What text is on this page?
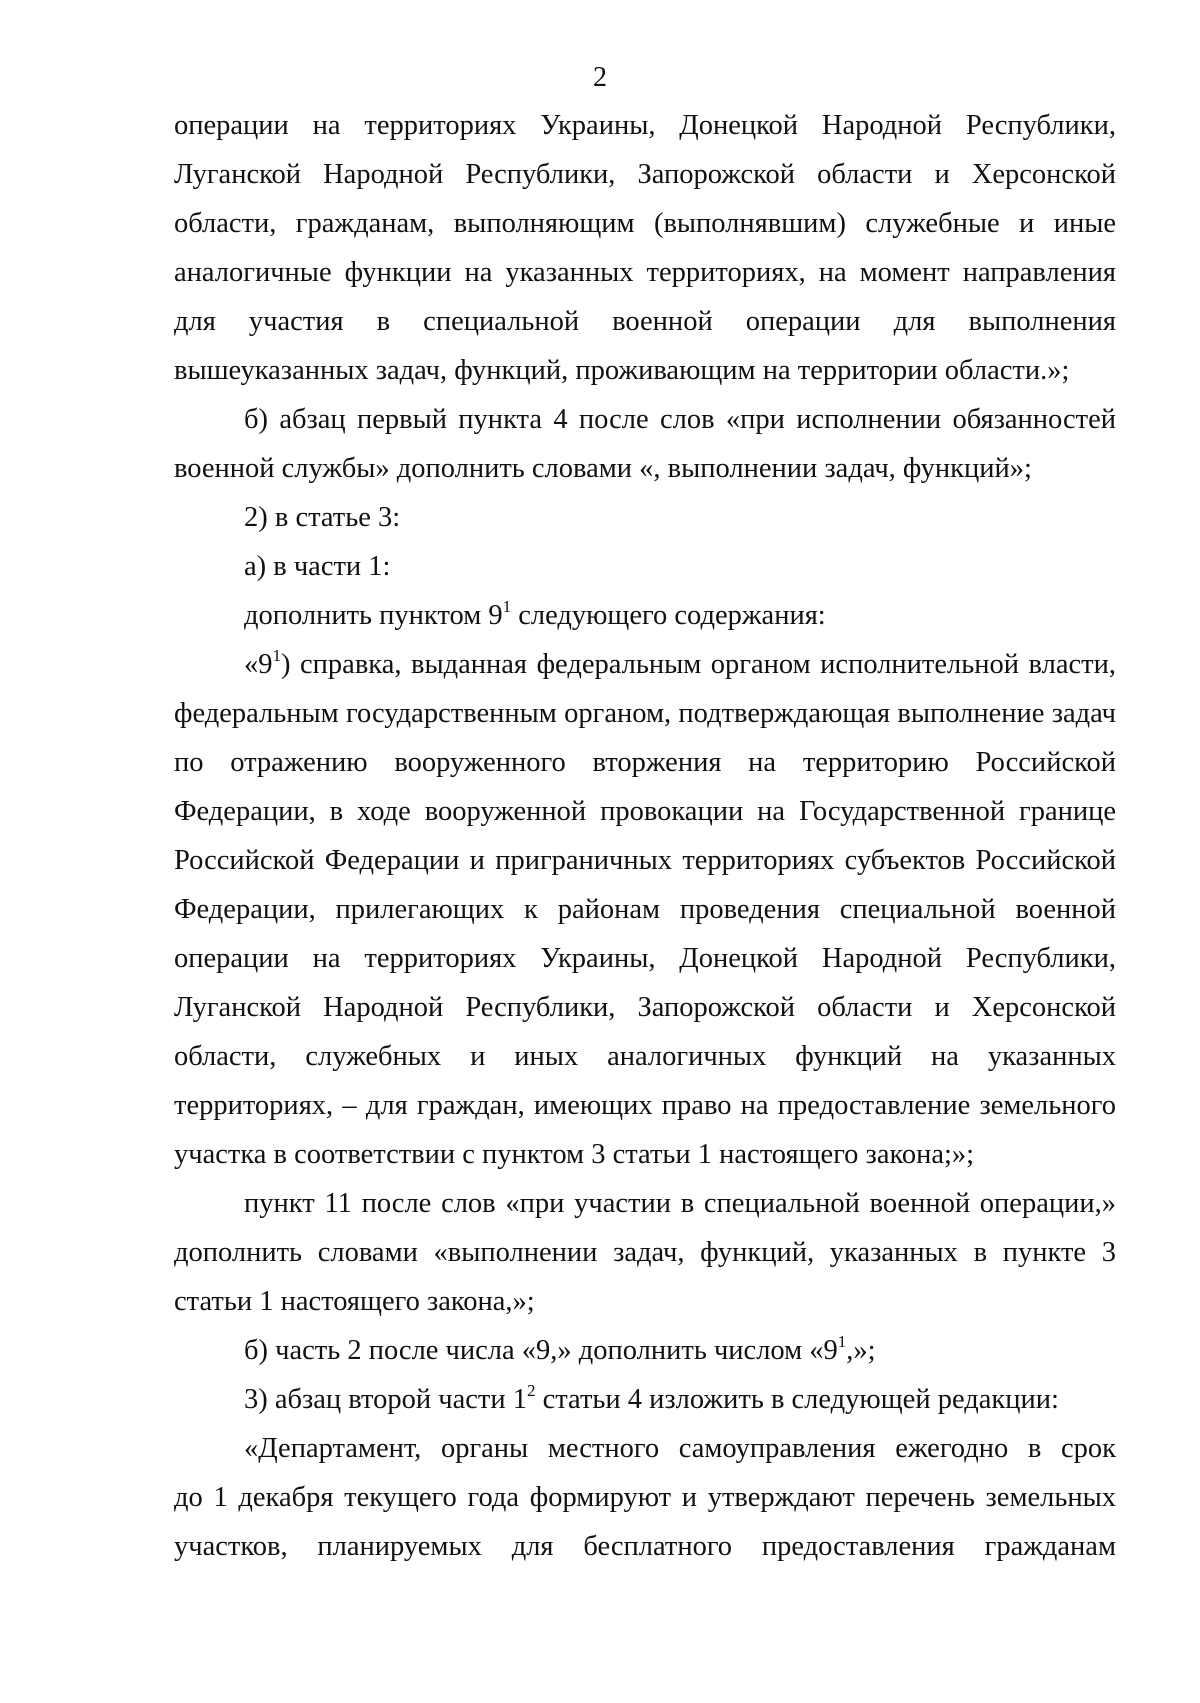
2
операции на территориях Украины, Донецкой Народной Республики,
Луганской Народной Республики, Запорожской области и Херсонской
области, гражданам, выполняющим (выполнявшим) служебные и иные
аналогичные функции на указанных территориях, на момент направления
для участия в специальной военной операции для выполнения
вышеуказанных задач, функций, проживающим на территории области.»;
б) абзац первый пункта 4 после слов «при исполнении обязанностей
военной службы» дополнить словами «, выполнении задач, функций»;
2) в статье 3:
а) в части 1:
дополнить пунктом $9^1$ следующего содержания:
«$9^1$) справка, выданная федеральным органом исполнительной власти,
федеральным государственным органом, подтверждающая выполнение задач
по отражению вооруженного вторжения на территорию Российской
Федерации, в ходе вооруженной провокации на Государственной границе
Российской Федерации и приграничных территориях субъектов Российской
Федерации, прилегающих к районам проведения специальной военной
операции на территориях Украины, Донецкой Народной Республики,
Луганской Народной Республики, Запорожской области и Херсонской
области, служебных и иных аналогичных функций на указанных
территориях, – для граждан, имеющих право на предоставление земельного
участка в соответствии с пунктом 3 статьи 1 настоящего закона;»;
пункт 11 после слов «при участии в специальной военной операции,»
дополнить словами «выполнении задач, функций, указанных в пункте 3
статьи 1 настоящего закона,»;
б) часть 2 после числа «9,» дополнить числом «$9^1$,»;
3) абзац второй части $1^2$ статьи 4 изложить в следующей редакции:
«Департамент, органы местного самоуправления ежегодно в срок
до 1 декабря текущего года формируют и утверждают перечень земельных
участков, планируемых для бесплатного предоставления гражданам
